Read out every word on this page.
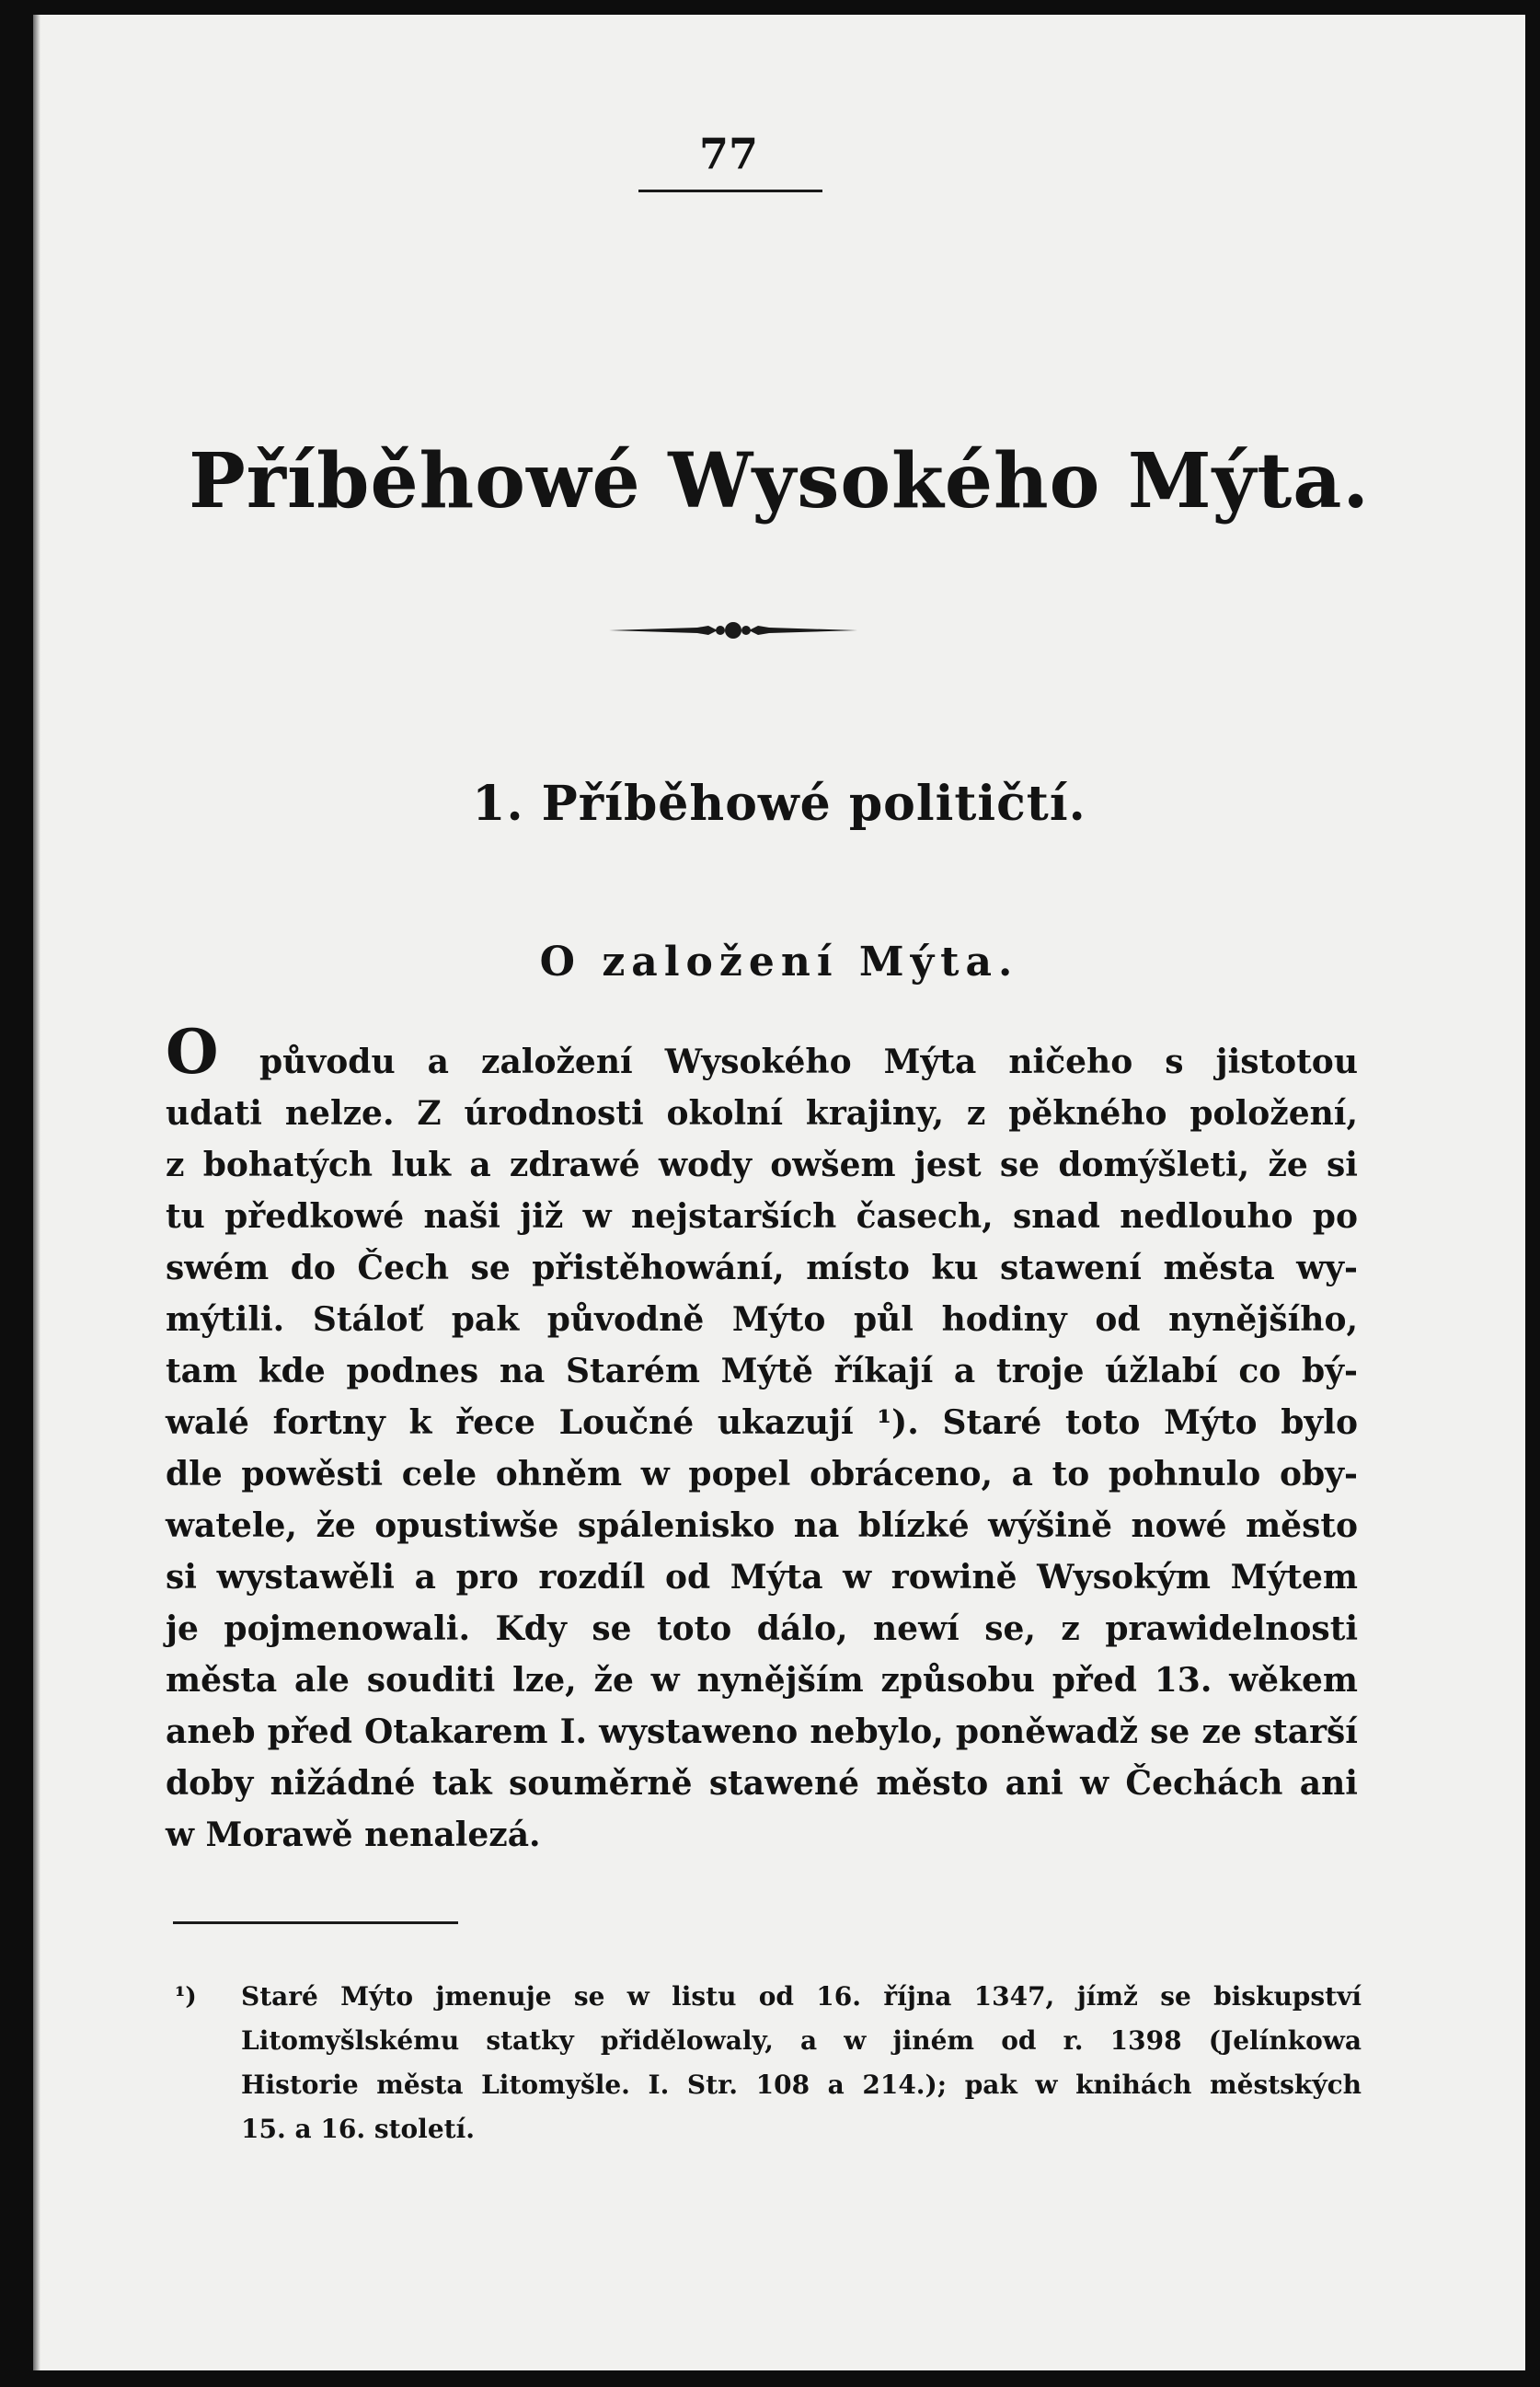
77
Příběhowé Wysokého Mýta.
1. Příběhowé političtí.
O založení Mýta.
O	původu a založení Wysokého Mýta ničeho s jistotou
udati nelze. Z úrodnosti okolní krajiny, z pěkného položení,
z bohatých luk a zdrawé wody owšem jest se domýšleti, že si
tu předkowé naši již w nejstarších časech, snad nedlouho po
swém do Čech se přistěhowání, místo ku stawení města wy-
mýtili. Stáloť pak původně Mýto půl hodiny od nynějšího,
tam kde podnes na Starém Mýtě říkají a troje úžlabí co bý-
walé fortny k řece Loučné ukazují ¹). Staré toto Mýto bylo
dle powěsti cele ohněm w popel obráceno, a to pohnulo oby-
watele, že opustiwše spálenisko na blízké wýšině nowé město
si wystawěli a pro rozdíl od Mýta w rowině Wysokým Mýtem
je pojmenowali. Kdy se toto dálo, newí se, z prawidelnosti
města ale souditi lze, že w nynějším způsobu před 13. wěkem
aneb před Otakarem I. wystaweno nebylo, poněwadž se ze starší
doby nižádné tak souměrně stawené město ani w Čechách ani
w Morawě nenalezá.
¹) Staré Mýto jmenuje se w listu od 16. října 1347, jímž se biskupství
Litomyšlskému statky přidělowaly, a w jiném od r. 1398 (Jelínkowa
Historie města Litomyšle. I. Str. 108 a 214.); pak w knihách městských
15. a 16. století.
